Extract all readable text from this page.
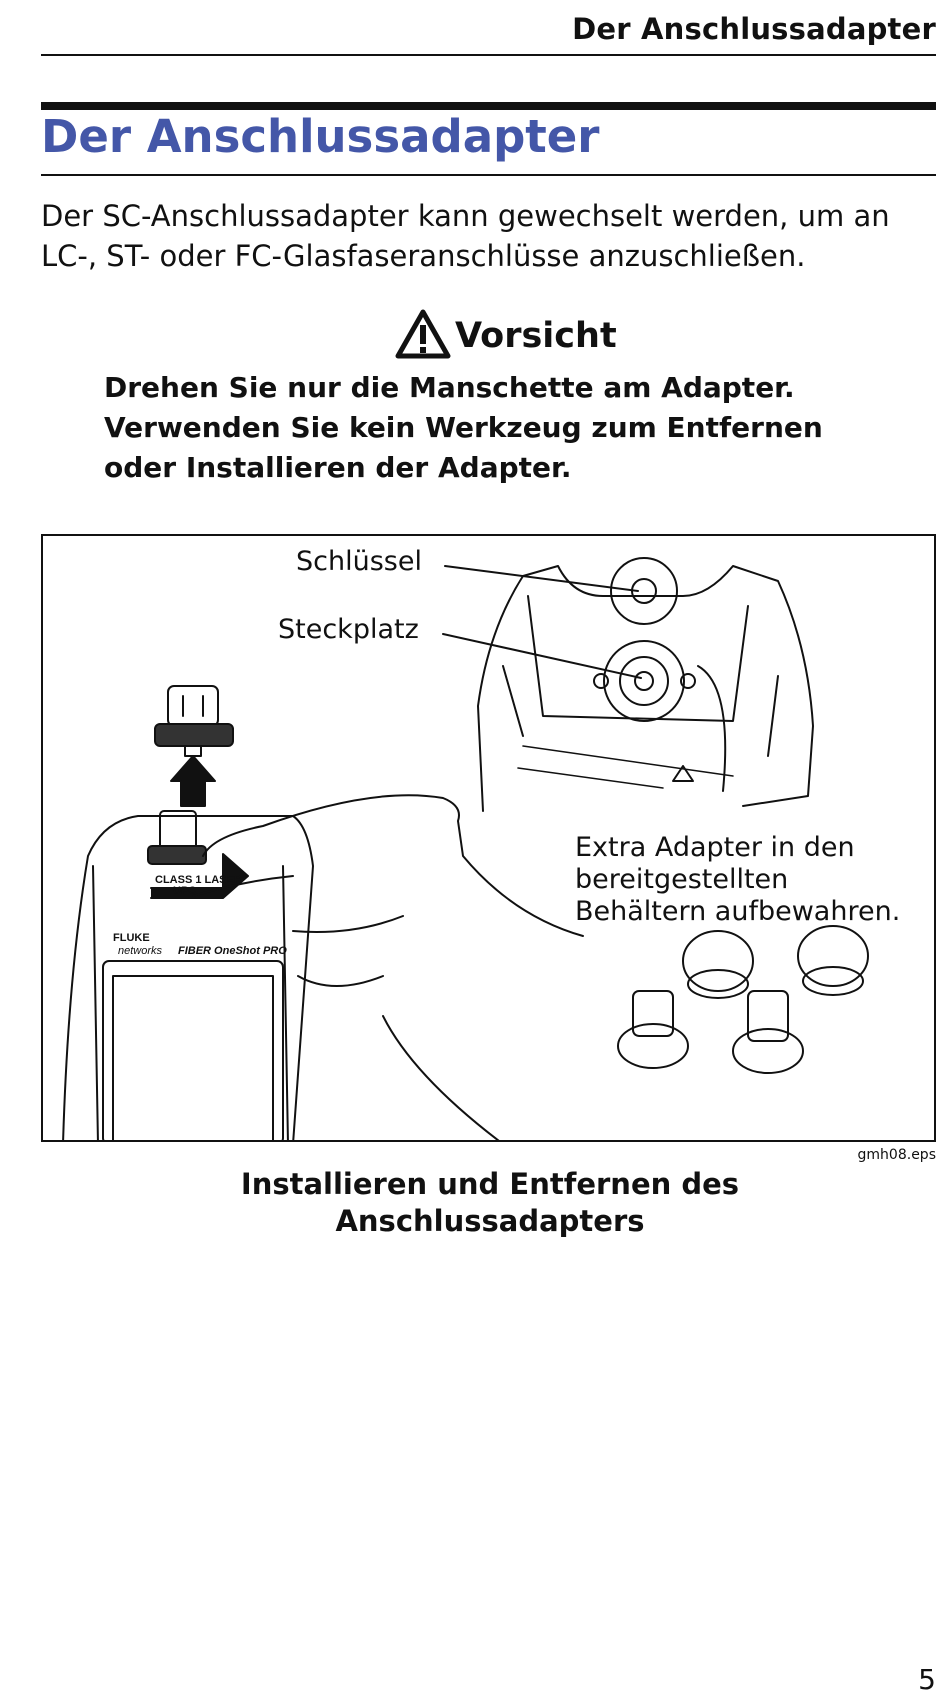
Der Anschlussadapter
Der Anschlussadapter

Der SC-Anschlussadapter kann gewechselt werden, um an LC-, ST- oder FC-Glasfaseranschlüsse anzuschließen.

Vorsicht

Drehen Sie nur die Manschette am Adapter. Verwenden Sie kein Werkzeug zum Entfernen oder Installieren der Adapter.

CLASS 1 LASER
UPC
FLUKE
networks FIBER OneShot PRO
Schlüssel
Steckplatz
Extra Adapter in den bereitgestellten Behältern aufbewahren.
gmh08.eps

Installieren und Entfernen des Anschlussadapters

5
